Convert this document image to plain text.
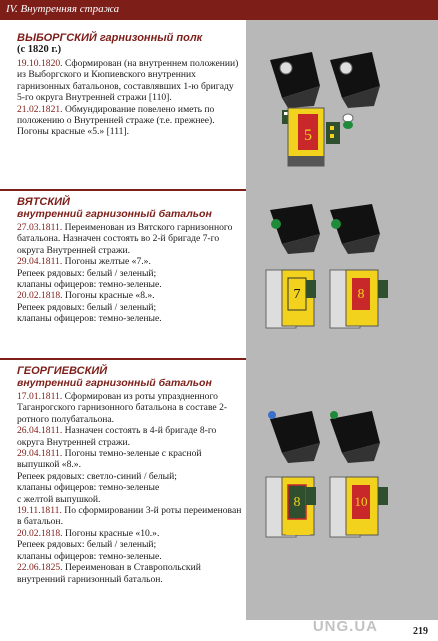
IV. Внутренняя стража
ВЫБОРГСКИЙ гарнизонный полк
(с 1820 г.)
19.10.1820. Сформирован (на внутреннем положении) из Выборгского и Кюпиевского внутренних гарнизонных батальонов, составлявших 1-ю бригаду 5-го округа Внутренней стражи [110].
21.02.1821. Обмундирование повелено иметь по положению о Внутренней страже (т.е. прежнее). Погоны красные «5.» [111].
ВЯТСКИЙ
внутренний гарнизонный батальон
27.03.1811. Переименован из Вятского гарнизонного батальона. Назначен состоять во 2-й бригаде 7-го округа Внутренней стражи.
29.04.1811. Погоны желтые «7.».
Репеек рядовых: белый / зеленый;
клапаны офицеров: темно-зеленые.
20.02.1818. Погоны красные «8.».
Репеек рядовых: белый / зеленый;
клапаны офицеров: темно-зеленые.
ГЕОРГИЕВСКИЙ
внутренний гарнизонный батальон
17.01.1811. Сформирован из роты упраздненного Таганрогского гарнизонного батальона в составе 2-ротного полубатальона.
26.04.1811. Назначен состоять в 4-й бригаде 8-го округа Внутренней стражи.
29.04.1811. Погоны темно-зеленые с красной выпушкой «8.».
Репеек рядовых: светло-синий / белый;
клапаны офицеров: темно-зеленые
с желтой выпушкой.
19.11.1811. По сформировании 3-й роты переименован в батальон.
20.02.1818. Погоны красные «10.».
Репеек рядовых: белый / зеленый;
клапаны офицеров: темно-зеленые.
22.06.1825. Переименован в Ставропольский внутренний гарнизонный батальон.
5
7	8
8	10
UNG.UA	219
